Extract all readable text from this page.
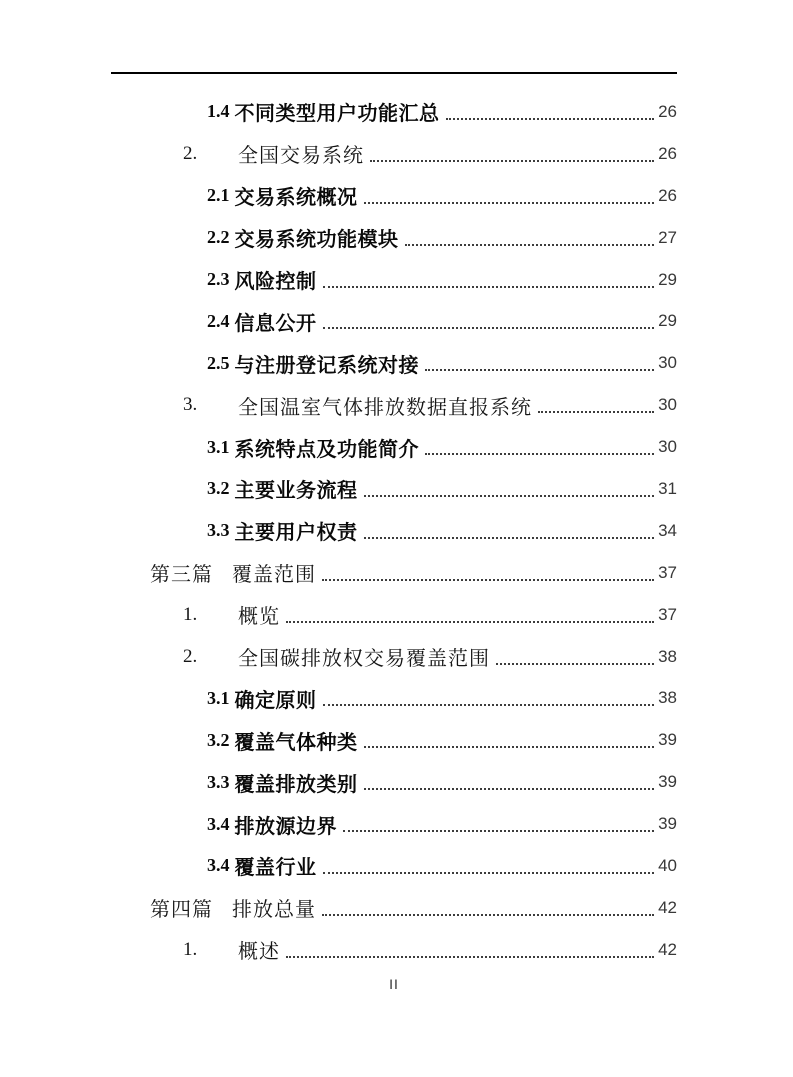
1.4 不同类型用户功能汇总	26
2.	全国交易系统	26
2.1 交易系统概况	26
2.2 交易系统功能模块	27
2.3 风险控制	29
2.4 信息公开	29
2.5 与注册登记系统对接	30
3.	全国温室气体排放数据直报系统	30
3.1 系统特点及功能简介	30
3.2 主要业务流程	31
3.3 主要用户权责	34
第三篇 覆盖范围	37
1.	概览	37
2.	全国碳排放权交易覆盖范围	38
3.1 确定原则	38
3.2 覆盖气体种类	39
3.3 覆盖排放类别	39
3.4 排放源边界	39
3.4 覆盖行业	40
第四篇 排放总量	42
1.	概述	42
II
